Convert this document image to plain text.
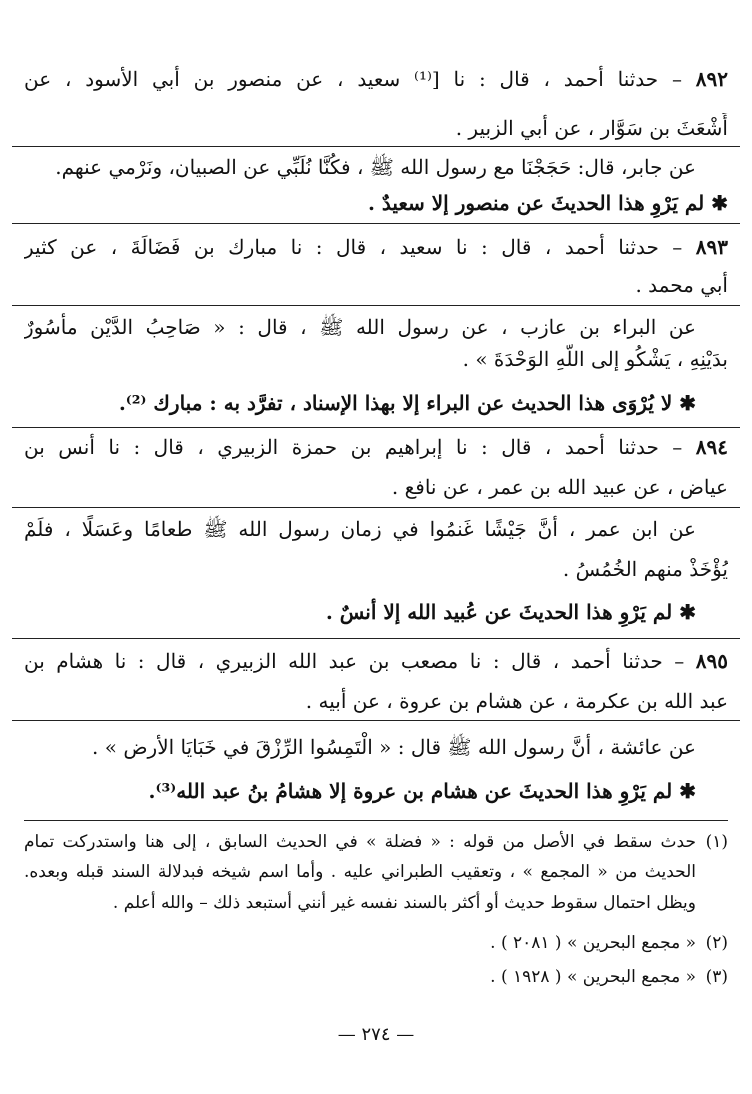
٨٩٢ – حدثنا أحمد ، قال : نا [⁽¹⁾ سعيد ، عن منصور بن أبي الأسود ، عن
أَشْعَثَ بن سَوَّار ، عن أبي الزبير .
عن جابر، قال: حَجَجْنَا مع رسول الله ﷺ ، فكُنَّا نُلَبِّي عن الصبيان، ونَرْمي عنهم.
✱ لم يَرْوِ هذا الحديثَ عن منصور إلا سعيدٌ .
٨٩٣ – حدثنا أحمد ، قال : نا سعيد ، قال : نا مبارك بن فَضَالَةَ ، عن كثير
أبي محمد .
عن البراء بن عازب ، عن رسول الله ﷺ ، قال : « صَاحِبُ الدَّيْن مأْسُورٌ
بدَيْنِهِ ، يَشْكُو إلى اللَّهِ الوَحْدَةَ » .
✱ لا يُرْوَى هذا الحديث عن البراء إلا بهذا الإسناد ، تفرَّد به : مبارك ⁽²⁾.
٨٩٤ – حدثنا أحمد ، قال : نا إبراهيم بن حمزة الزبيري ، قال : نا أنس بن
عياض ، عن عبيد الله بن عمر ، عن نافع .
عن ابن عمر ، أنَّ جَيْشًا غَنمُوا في زمان رسول الله ﷺ طعامًا وعَسَلًا ، فلَمْ
يُؤْخَذْ منهم الخُمُسُ .
✱ لم يَرْوِ هذا الحديثَ عن عُبيد الله إلا أنسٌ .
٨٩٥ – حدثنا أحمد ، قال : نا مصعب بن عبد الله الزبيري ، قال : نا هشام بن
عبد الله بن عكرمة ، عن هشام بن عروة ، عن أبيه .
عن عائشة ، أنَّ رسول الله ﷺ قال : « الْتَمِسُوا الرِّزْقَ في خَبَايَا الأرض » .
✱ لم يَرْوِ هذا الحديثَ عن هشام بن عروة إلا هشامُ بنُ عبد الله⁽³⁾.
(١)
حدث سقط في الأصل من قوله : « فضلة » في الحديث السابق ، إلى هنا واستدركت تمام
الحديث من « المجمع » ، وتعقيب الطبراني عليه . وأما اسم شيخه فبدلالة السند قبله وبعده.
ويظل احتمال سقوط حديث أو أكثر بالسند نفسه غير أنني أستبعد ذلك – والله أعلم .
(٢)
« مجمع البحرين » ( ٢٠٨١ ) .
(٣)
« مجمع البحرين » ( ١٩٢٨ ) .
— ٢٧٤ —
